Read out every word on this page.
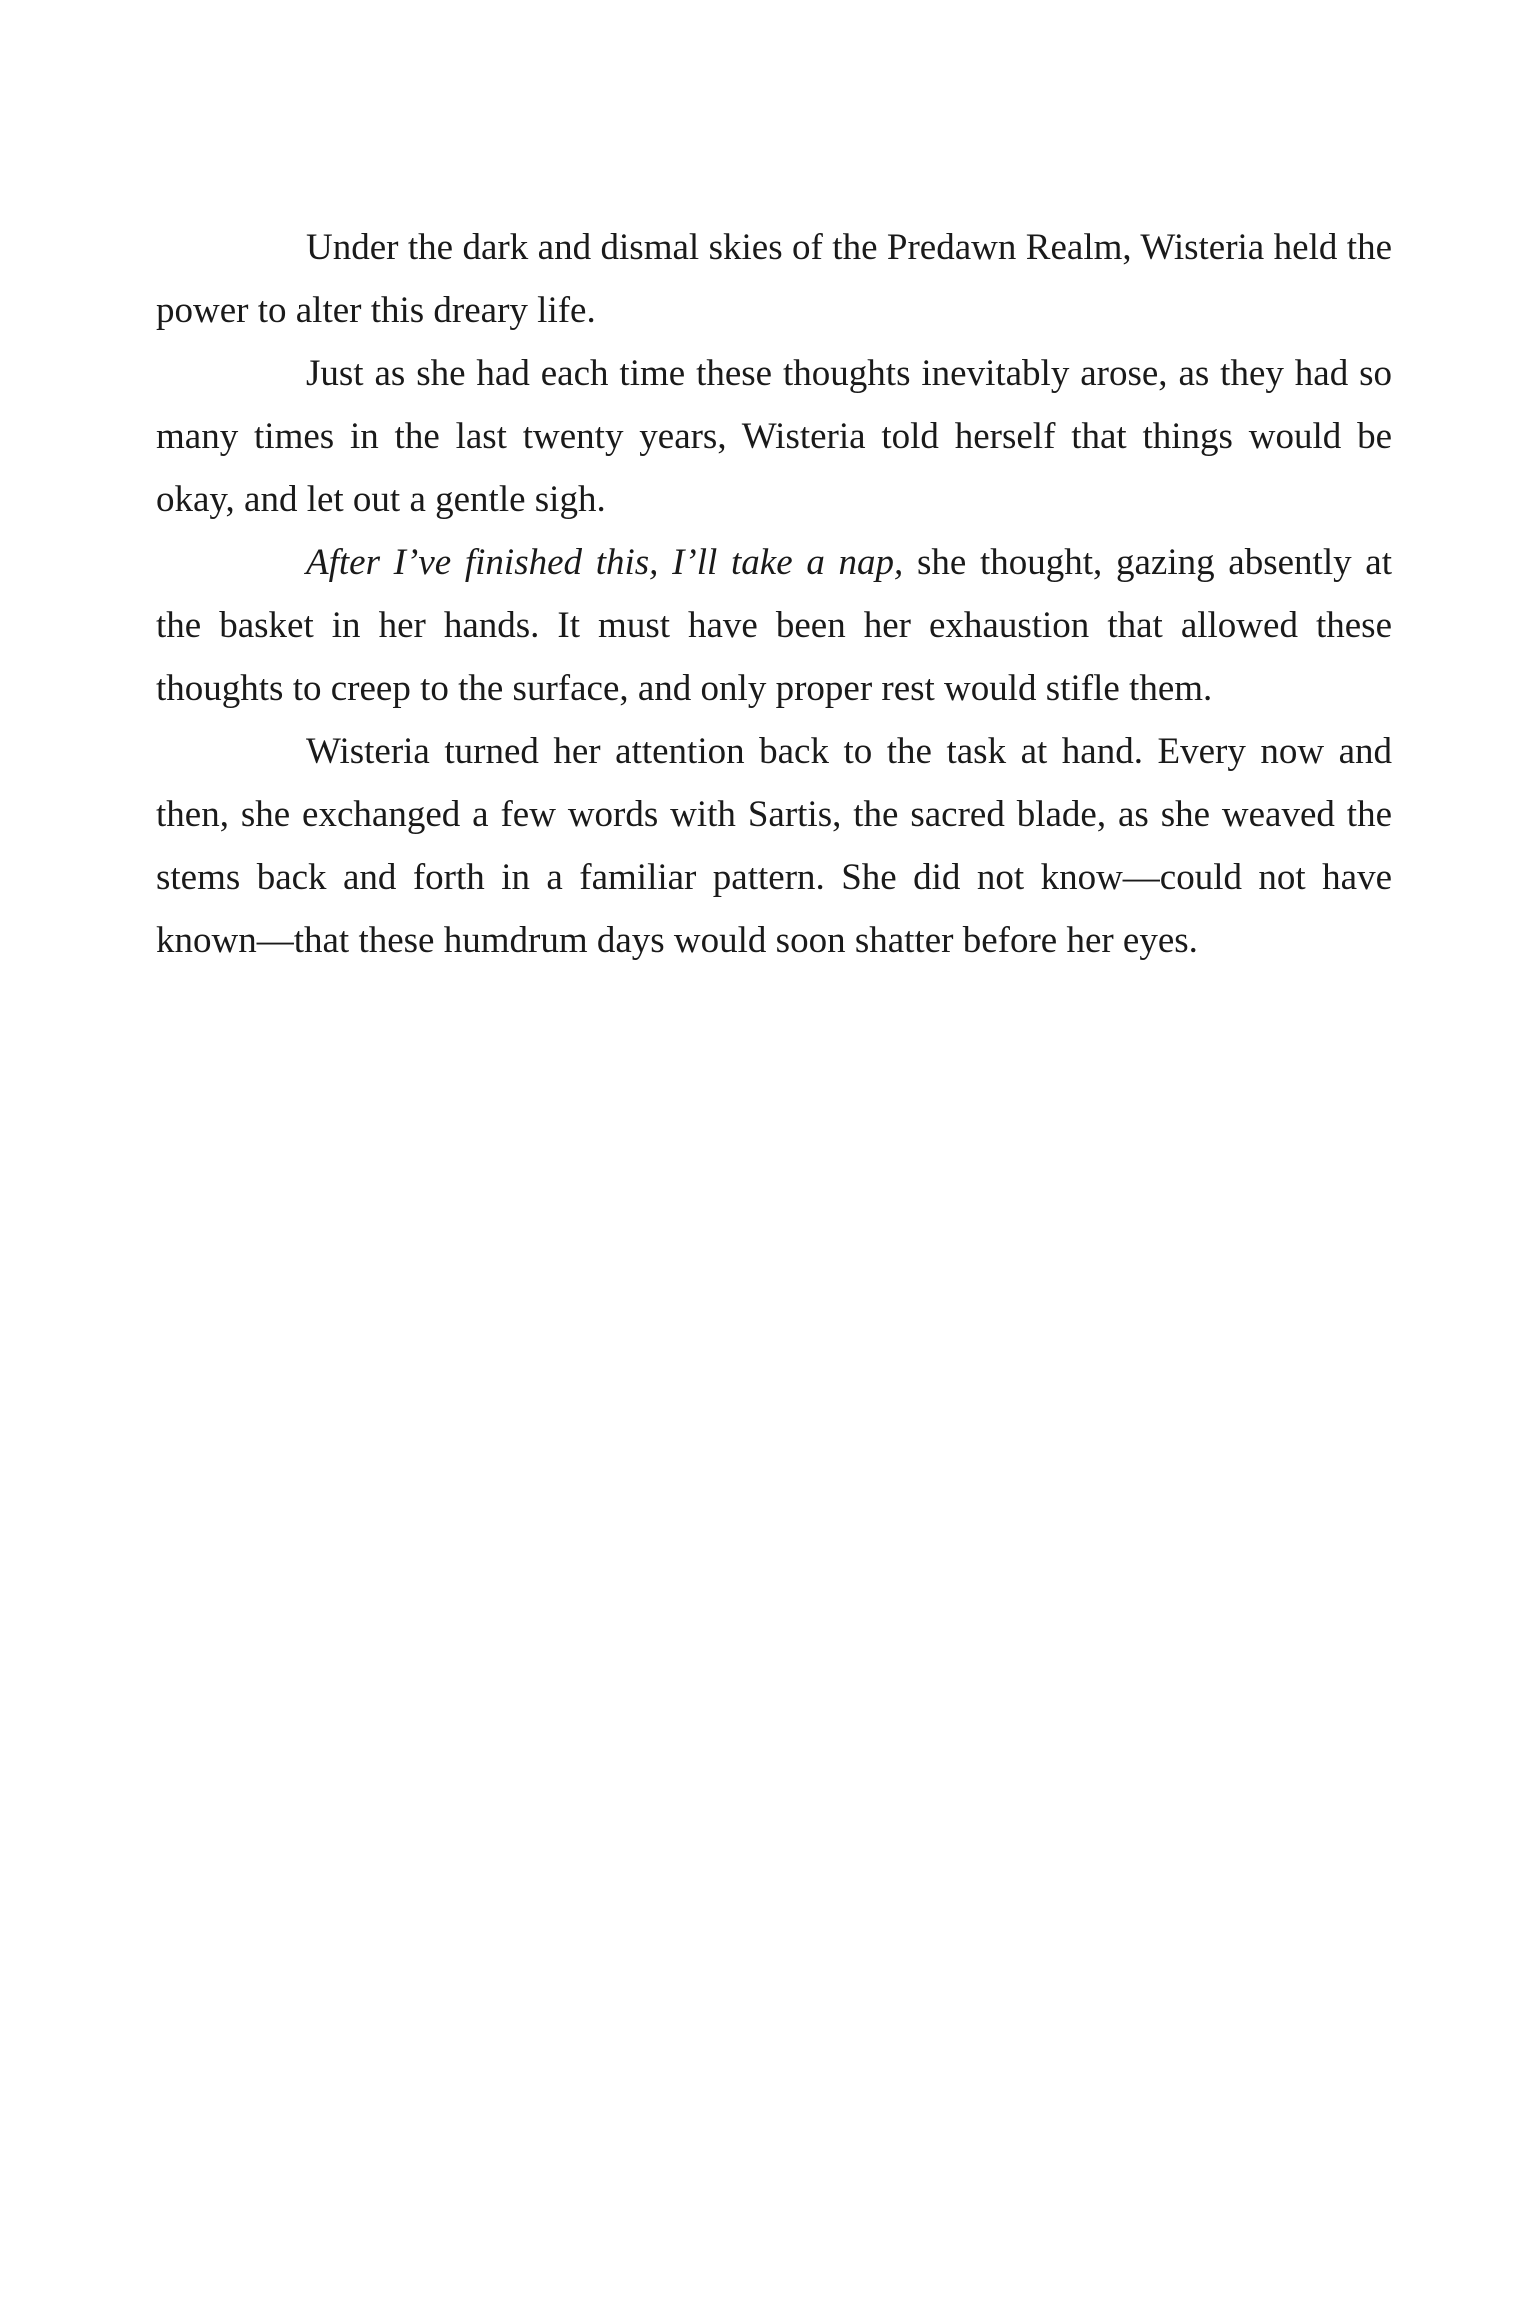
Under the dark and dismal skies of the Predawn Realm, Wisteria held the power to alter this dreary life.

Just as she had each time these thoughts inevitably arose, as they had so many times in the last twenty years, Wisteria told herself that things would be okay, and let out a gentle sigh.

After I’ve finished this, I’ll take a nap, she thought, gazing absently at the basket in her hands. It must have been her exhaustion that allowed these thoughts to creep to the surface, and only proper rest would stifle them.

Wisteria turned her attention back to the task at hand. Every now and then, she exchanged a few words with Sartis, the sacred blade, as she weaved the stems back and forth in a familiar pattern. She did not know—could not have known—that these humdrum days would soon shatter before her eyes.
